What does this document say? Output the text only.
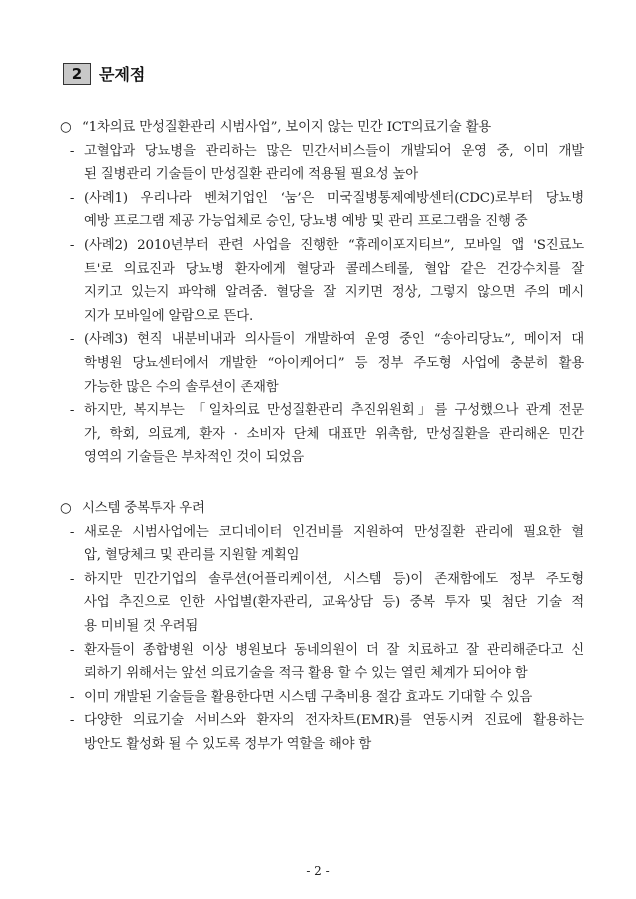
2	문제점
○ “1차의료 만성질환관리 시범사업”, 보이지 않는 민간 ICT의료기술 활용
- 고혈압과 당뇨병을 관리하는 많은 민간서비스들이 개발되어 운영 중, 이미 개발
된 질병관리 기술들이 만성질환 관리에 적용될 필요성 높아
- (사례1) 우리나라 벤쳐기업인 ‘눔’은 미국질병통제예방센터(CDC)로부터 당뇨병
예방 프로그램 제공 가능업체로 승인, 당뇨병 예방 및 관리 프로그램을 진행 중
- (사례2) 2010년부터 관련 사업을 진행한 “휴레이포지티브”, 모바일 앱 'S진료노
트'로 의료진과 당뇨병 환자에게 혈당과 콜레스테롤, 혈압 같은 건강수치를 잘
지키고 있는지 파악해 알려줌. 혈당을 잘 지키면 정상, 그렇지 않으면 주의 메시
지가 모바일에 알람으로 뜬다.
- (사례3) 현직 내분비내과 의사들이 개발하여 운영 중인 “송아리당뇨”, 메이저 대
학병원 당뇨센터에서 개발한 “아이케어디” 등 정부 주도형 사업에 충분히 활용
가능한 많은 수의 솔루션이 존재함
- 하지만, 복지부는 「일차의료 만성질환관리 추진위원회」를 구성했으나 관계 전문
가, 학회, 의료계, 환자 · 소비자 단체 대표만 위촉함, 만성질환을 관리해온 민간
영역의 기술들은 부차적인 것이 되었음
○ 시스템 중복투자 우려
- 새로운 시범사업에는 코디네이터 인건비를 지원하여 만성질환 관리에 필요한 혈
압, 혈당체크 및 관리를 지원할 계획임
- 하지만 민간기업의 솔루션(어플리케이션, 시스템 등)이 존재함에도 정부 주도형
사업 추진으로 인한 사업별(환자관리, 교육상담 등) 중복 투자 및 첨단 기술 적
용 미비될 것 우려됨
- 환자들이 종합병원 이상 병원보다 동네의원이 더 잘 치료하고 잘 관리해준다고 신
뢰하기 위해서는 앞선 의료기술을 적극 활용 할 수 있는 열린 체계가 되어야 함
- 이미 개발된 기술들을 활용한다면 시스템 구축비용 절감 효과도 기대할 수 있음
- 다양한 의료기술 서비스와 환자의 전자차트(EMR)를 연동시켜 진료에 활용하는
방안도 활성화 될 수 있도록 정부가 역할을 해야 함
- 2 -
